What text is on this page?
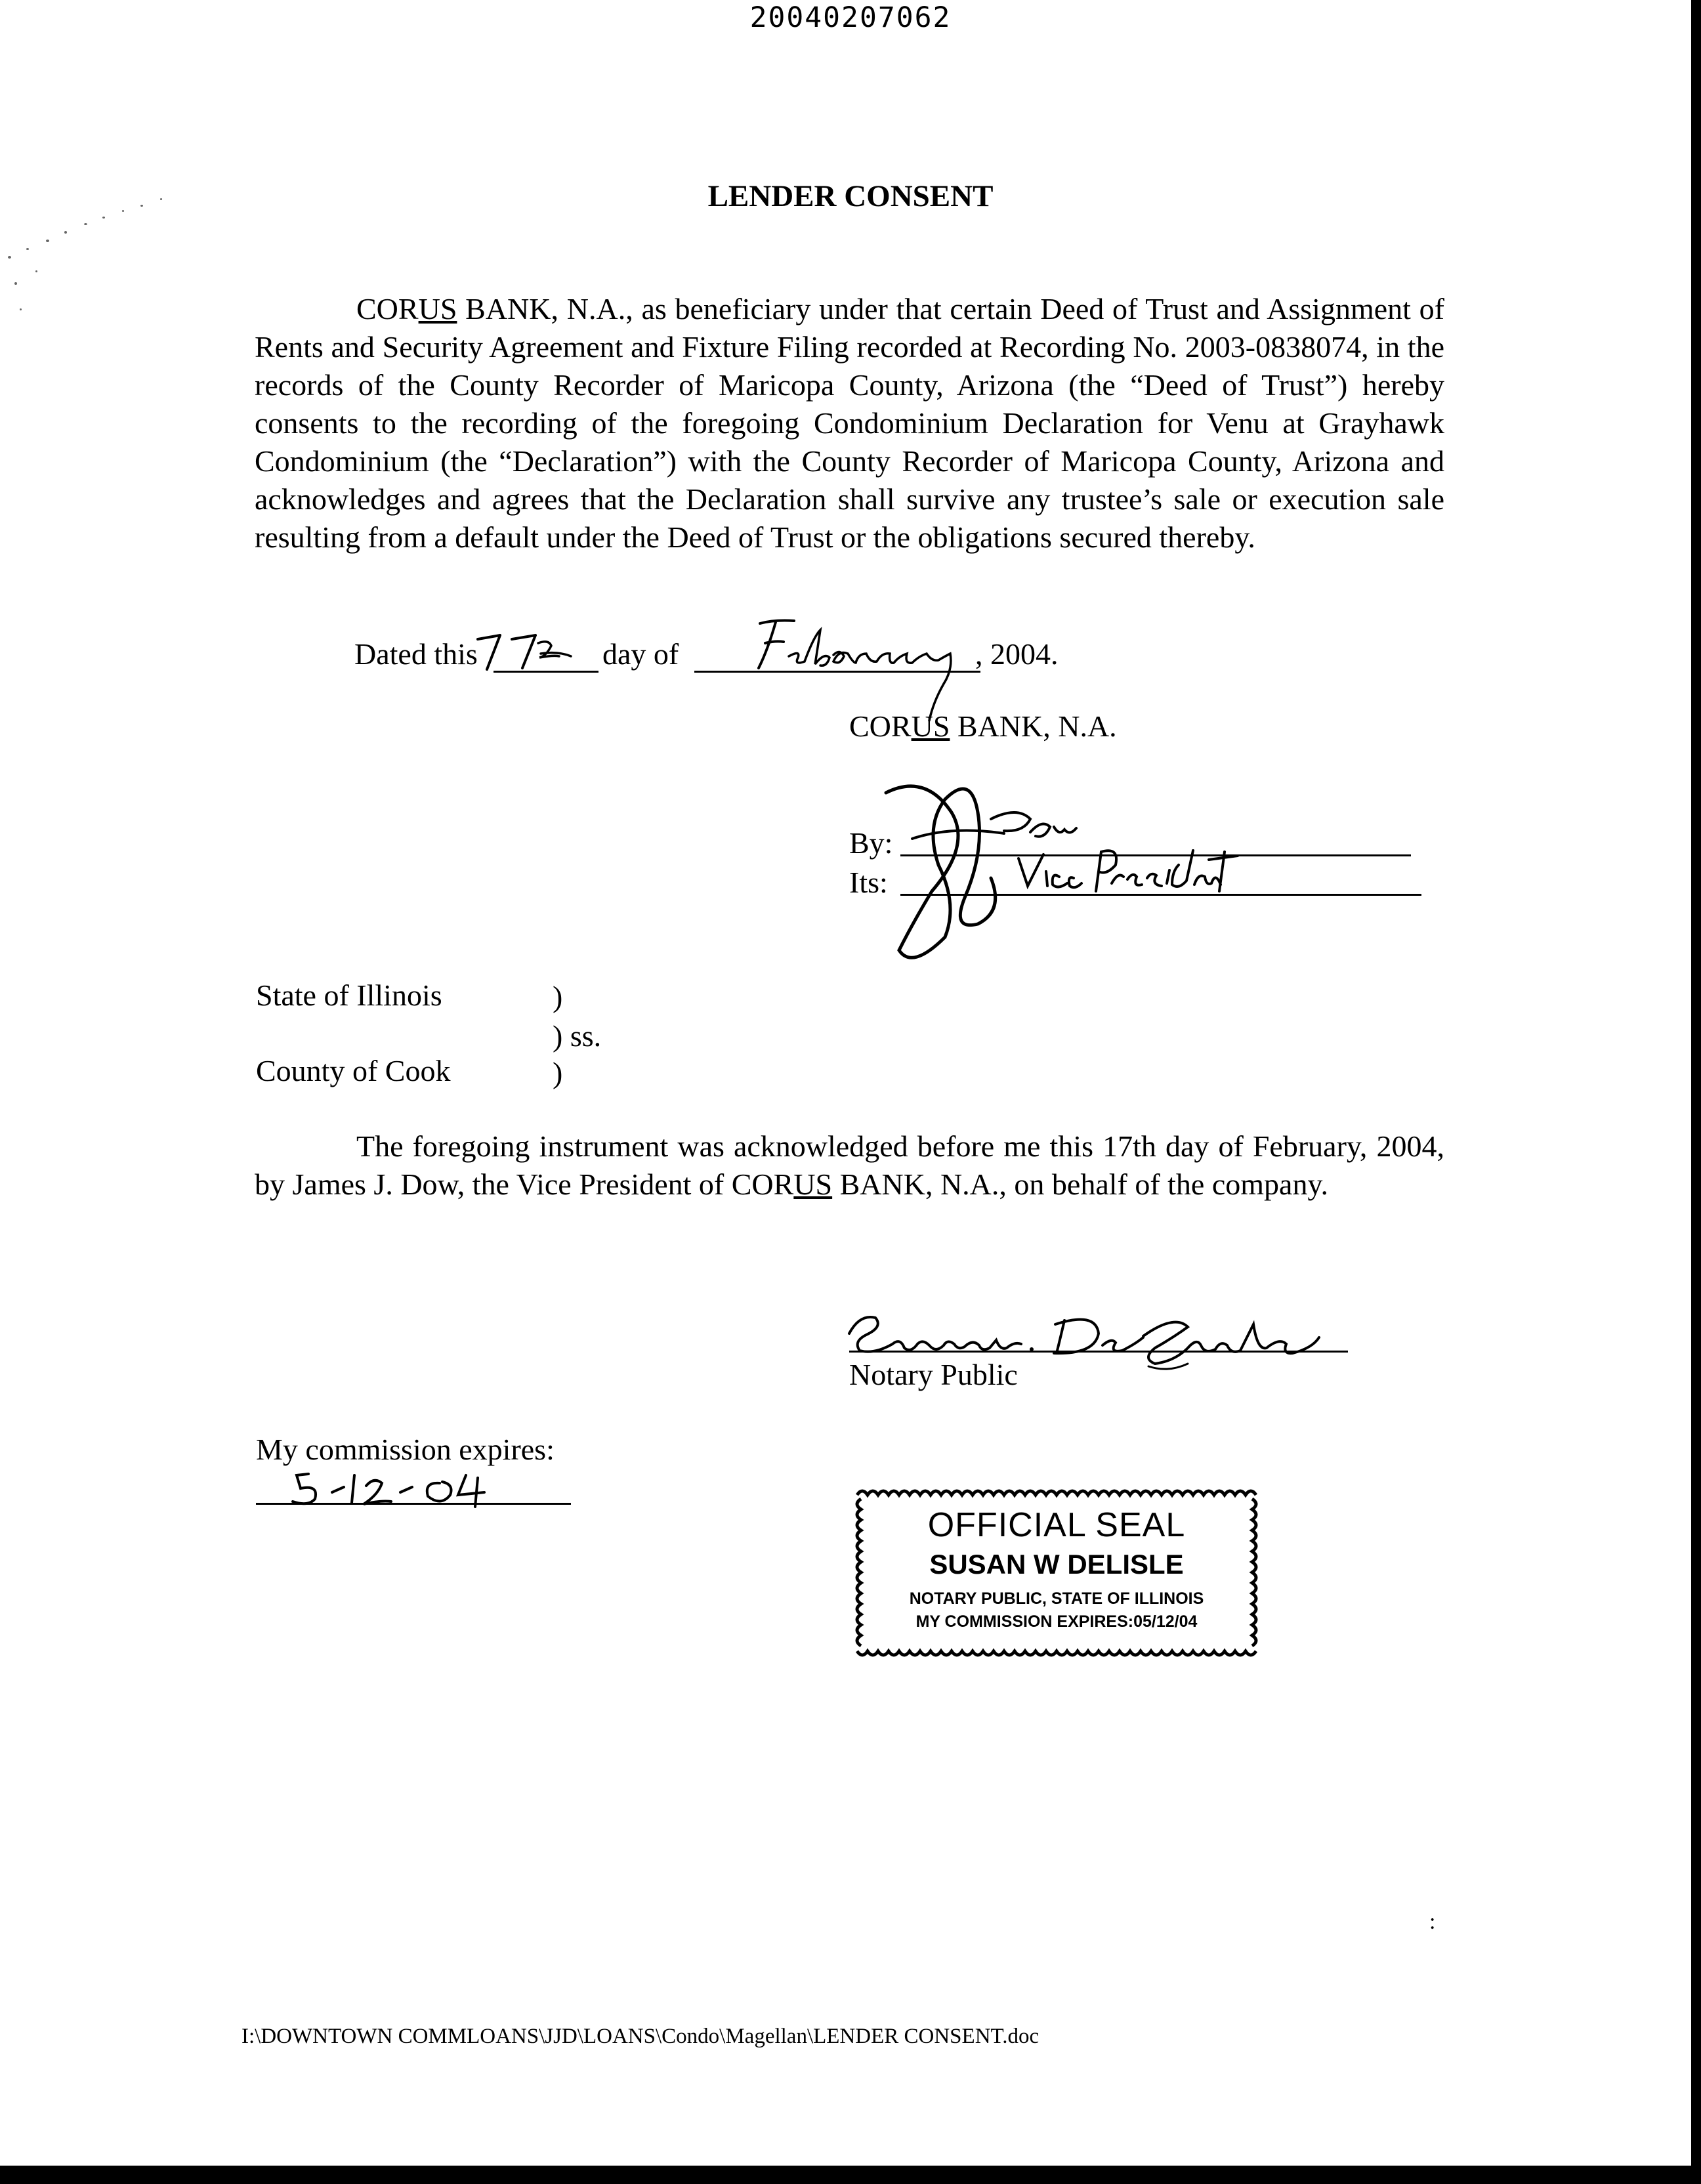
20040207062
LENDER CONSENT

CORUS BANK, N.A., as beneficiary under that certain Deed of Trust and Assignment of Rents and Security Agreement and Fixture Filing recorded at Recording No. 2003-0838074, in the records of the County Recorder of Maricopa County, Arizona (the “Deed of Trust”) hereby consents to the recording of the foregoing Condominium Declaration for Venu at Grayhawk Condominium (the “Declaration”) with the County Recorder of Maricopa County, Arizona and acknowledges and agrees that the Declaration shall survive any trustee’s sale or execution sale resulting from a default under the Deed of Trust or the obligations secured thereby.

Dated this	day of	, 2004.
CORUS BANK, N.A.
By:
Its:
State of Illinois	)
) ss.
County of Cook	)

The foregoing instrument was acknowledged before me this 17th day of February, 2004, by James J. Dow, the Vice President of CORUS BANK, N.A., on behalf of the company.

Notary Public
My commission expires:
OFFICIAL SEAL
SUSAN W DELISLE
NOTARY PUBLIC, STATE OF ILLINOIS
MY COMMISSION EXPIRES:05/12/04
:
I:\DOWNTOWN COMMLOANS\JJD\LOANS\Condo\Magellan\LENDER CONSENT.doc
